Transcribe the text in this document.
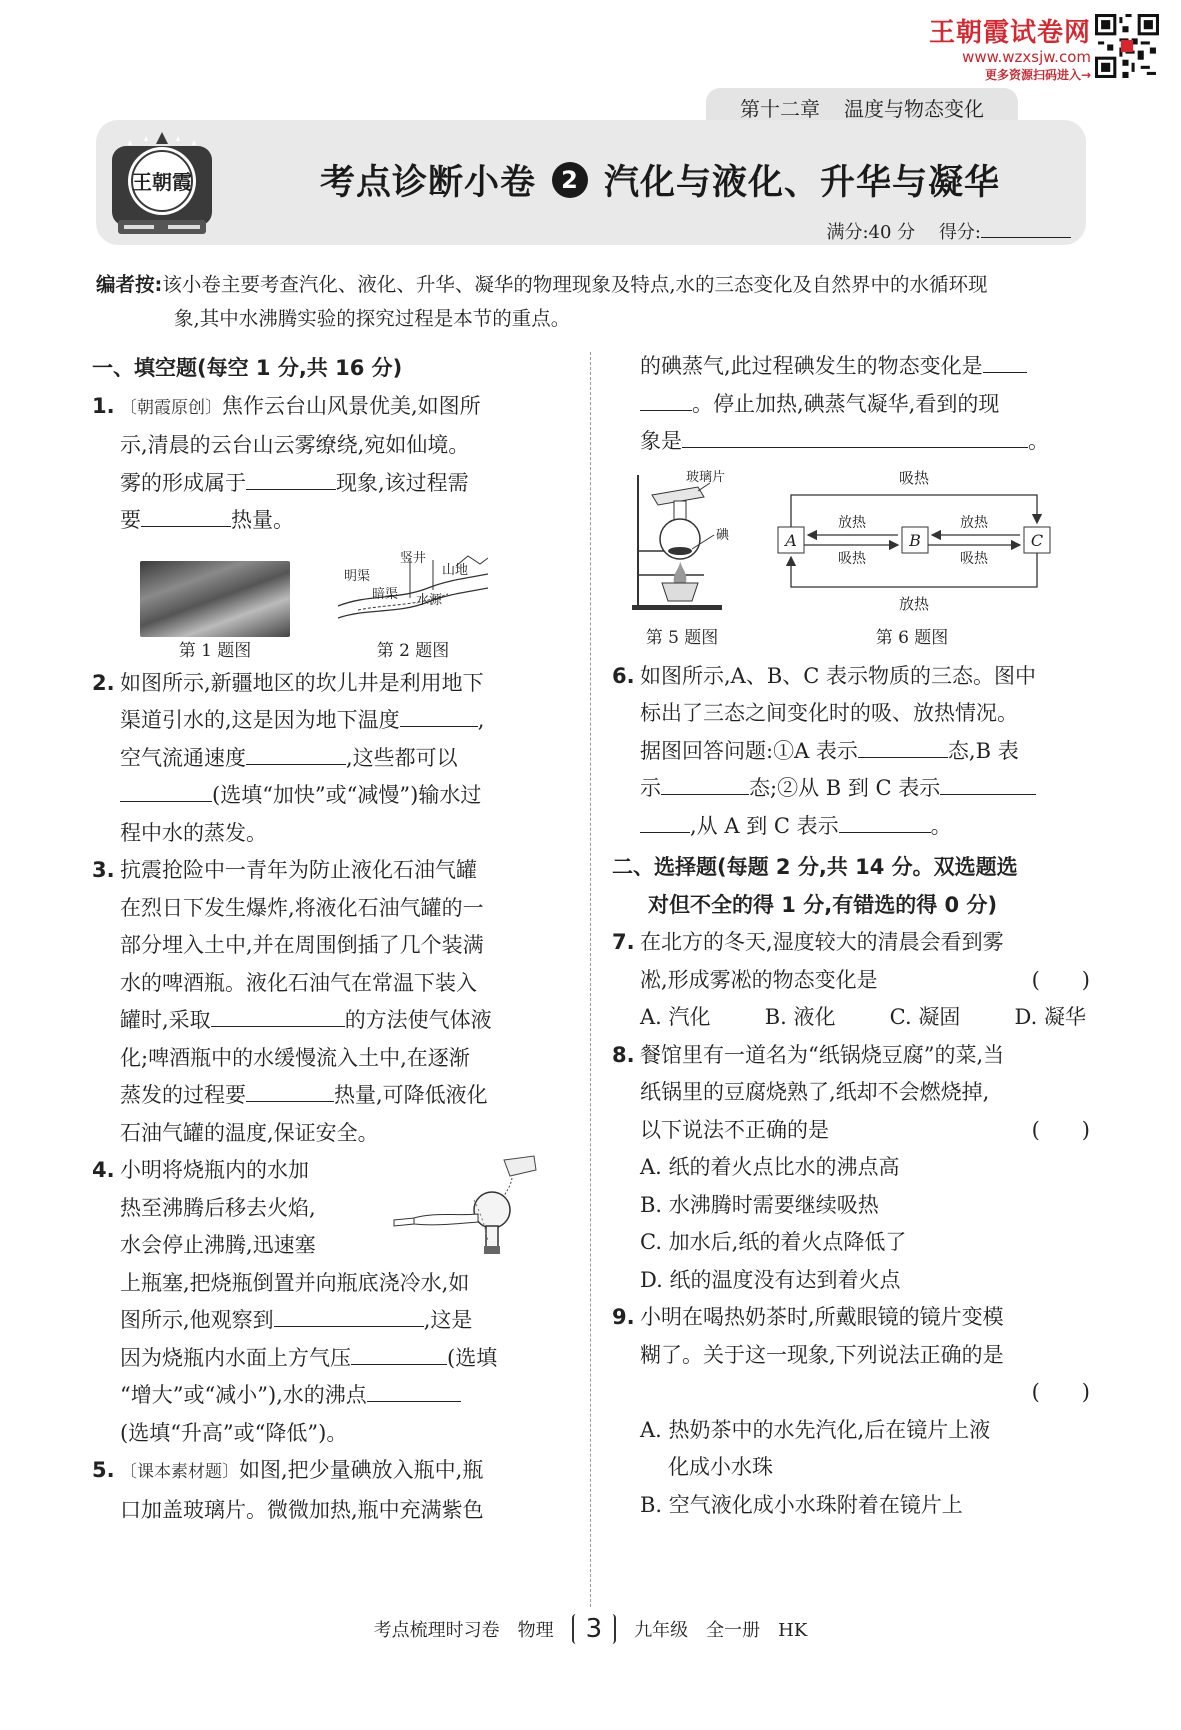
王朝霞试卷网
www.wzxsjw.com
更多资源扫码进入→
第十二章 温度与物态变化
王朝霞	考点诊断小卷	2 汽化与液化、升华与凝华
满分:40 分　 得分:
编者按:该小卷主要考查汽化、液化、升华、凝华的物理现象及特点,水的三态变化及自然界中的水循环现
象,其中水沸腾实验的探究过程是本节的重点。
一、填空题(每空 1 分,共 16 分)
1. 〔朝霞原创〕焦作云台山风景优美,如图所
示,清晨的云台山云雾缭绕,宛如仙境。
雾的形成属于	现象,该过程需
要	热量。
第 1 题图
明渠
竖井
山地
暗渠 水源
第 2 题图
2. 如图所示,新疆地区的坎儿井是利用地下
渠道引水的,这是因为地下温度	,
空气流通速度	,这些都可以
(选填“加快”或“减慢”)输水过
程中水的蒸发。
3. 抗震抢险中一青年为防止液化石油气罐
在烈日下发生爆炸,将液化石油气罐的一
部分埋入土中,并在周围倒插了几个装满
水的啤酒瓶。液化石油气在常温下装入
罐时,采取	的方法使气体液
化;啤酒瓶中的水缓慢流入土中,在逐渐
蒸发的过程要	热量,可降低液化
石油气罐的温度,保证安全。
4. 小明将烧瓶内的水加
热至沸腾后移去火焰,
水会停止沸腾,迅速塞
上瓶塞,把烧瓶倒置并向瓶底浇冷水,如
图所示,他观察到	,这是
因为烧瓶内水面上方气压	(选填
“增大”或“减小”),水的沸点
(选填“升高”或“降低”)。
5. 〔课本素材题〕如图,把少量碘放入瓶中,瓶
口加盖玻璃片。微微加热,瓶中充满紫色
的碘蒸气,此过程碘发生的物态变化是
。停止加热,碘蒸气凝华,看到的现
象是	。
玻璃片
碘
第 5 题图
A	B	C
吸热
放热
放热
吸热
放热
吸热
第 6 题图
6. 如图所示,A、B、C 表示物质的三态。图中
标出了三态之间变化时的吸、放热情况。
据图回答问题:①A 表示	态,B 表
示	态;②从 B 到 C 表示
,从 A 到 C 表示	。
二、选择题(每题 2 分,共 14 分。双选题选
对但不全的得 1 分,有错选的得 0 分)
7. 在北方的冬天,湿度较大的清晨会看到雾
凇,形成雾凇的物态变化是	(　　)
A. 汽化	B. 液化	C. 凝固	D. 凝华
8. 餐馆里有一道名为“纸锅烧豆腐”的菜,当
纸锅里的豆腐烧熟了,纸却不会燃烧掉,
以下说法不正确的是	(　　)
A. 纸的着火点比水的沸点高
B. 水沸腾时需要继续吸热
C. 加水后,纸的着火点降低了
D. 纸的温度没有达到着火点
9. 小明在喝热奶茶时,所戴眼镜的镜片变模
糊了。关于这一现象,下列说法正确的是
(　　)
A. 热奶茶中的水先汽化,后在镜片上液
化成小水珠
B. 空气液化成小水珠附着在镜片上
考点梳理时习卷　物理	3	九年级　全一册　HK
